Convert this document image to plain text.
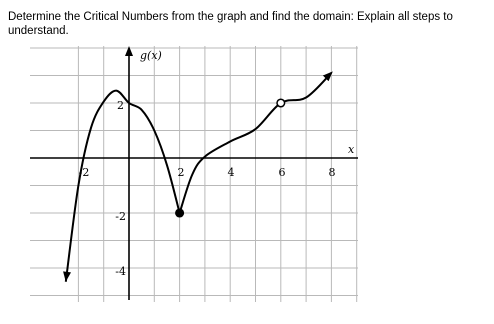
Determine the Critical Numbers from the graph and find the domain: Explain all steps to understand.
-2	2	4	6	8
2
-2
-4
g(x)
x
